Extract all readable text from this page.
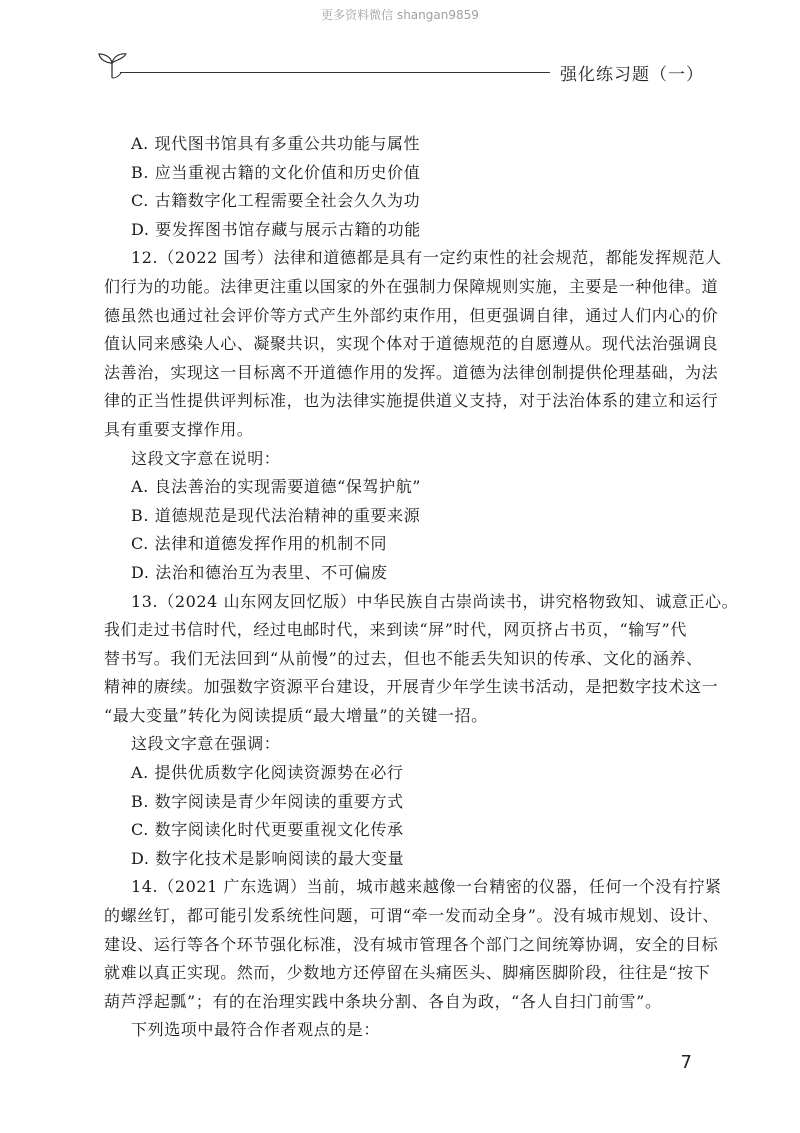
更多资料微信 shangan9859
强化练习题（一）
A. 现代图书馆具有多重公共功能与属性
B. 应当重视古籍的文化价值和历史价值
C. 古籍数字化工程需要全社会久久为功
D. 要发挥图书馆存藏与展示古籍的功能
12.（2022 国考）法律和道德都是具有一定约束性的社会规范，都能发挥规范人
们行为的功能。法律更注重以国家的外在强制力保障规则实施，主要是一种他律。道
德虽然也通过社会评价等方式产生外部约束作用，但更强调自律，通过人们内心的价
值认同来感染人心、凝聚共识，实现个体对于道德规范的自愿遵从。现代法治强调良
法善治，实现这一目标离不开道德作用的发挥。道德为法律创制提供伦理基础，为法
律的正当性提供评判标准，也为法律实施提供道义支持，对于法治体系的建立和运行
具有重要支撑作用。
这段文字意在说明：
A. 良法善治的实现需要道德“保驾护航”
B. 道德规范是现代法治精神的重要来源
C. 法律和道德发挥作用的机制不同
D. 法治和德治互为表里、不可偏废
13.（2024 山东网友回忆版）中华民族自古崇尚读书，讲究格物致知、诚意正心。
我们走过书信时代，经过电邮时代，来到读“屏”时代，网页挤占书页，“输写”代
替书写。我们无法回到“从前慢”的过去，但也不能丢失知识的传承、文化的涵养、
精神的赓续。加强数字资源平台建设，开展青少年学生读书活动，是把数字技术这一
“最大变量”转化为阅读提质“最大增量”的关键一招。
这段文字意在强调：
A. 提供优质数字化阅读资源势在必行
B. 数字阅读是青少年阅读的重要方式
C. 数字阅读化时代更要重视文化传承
D. 数字化技术是影响阅读的最大变量
14.（2021 广东选调）当前，城市越来越像一台精密的仪器，任何一个没有拧紧
的螺丝钉，都可能引发系统性问题，可谓“牵一发而动全身”。没有城市规划、设计、
建设、运行等各个环节强化标准，没有城市管理各个部门之间统筹协调，安全的目标
就难以真正实现。然而，少数地方还停留在头痛医头、脚痛医脚阶段，往往是“按下
葫芦浮起瓢”；有的在治理实践中条块分割、各自为政，“各人自扫门前雪”。
下列选项中最符合作者观点的是：
7
